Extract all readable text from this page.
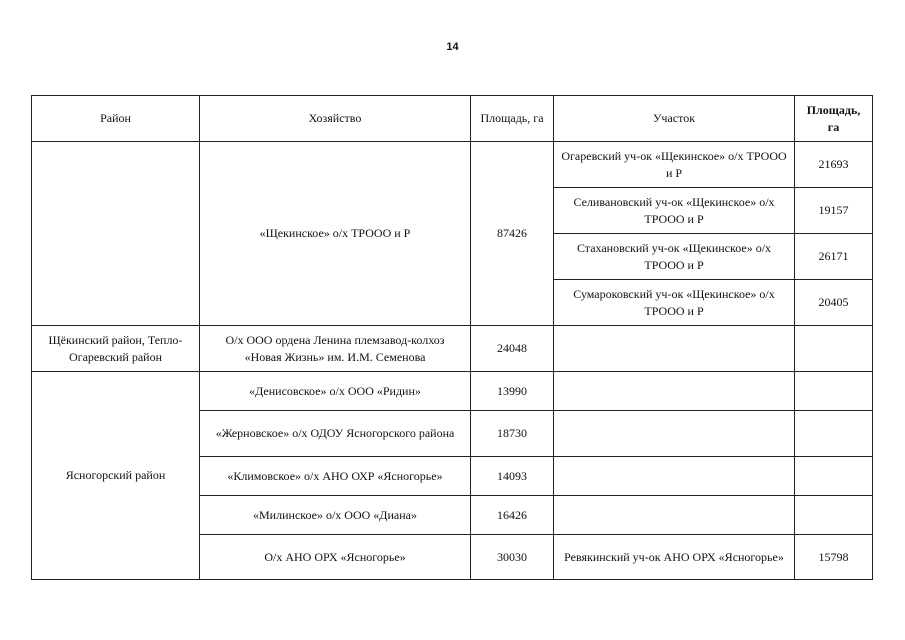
14
Район	Хозяйство	Площадь, га	Участок	Площадь, га
	«Щекинское» о/х ТРООО и Р	87426	Огаревский уч-ок «Щекинское» о/х ТРООО и Р	21693
			Селивановский уч-ок «Щекинское» о/х ТРООО и Р	19157
			Стахановский уч-ок «Щекинское» о/х ТРООО и Р	26171
			Сумароковский уч-ок «Щекинское» о/х ТРООО и Р	20405
Щёкинский район, Тепло-Огаревский район	О/х ООО ордена Ленина племзавод-колхоз «Новая Жизнь» им. И.М. Семенова	24048		
Ясногорский район	«Денисовское» о/х ООО «Ридин»	13990		
	«Жерновское» о/х ОДОУ Ясногорского района	18730		
	«Климовское» о/х АНО ОХР «Ясногорье»	14093		
	«Милинское» о/х ООО «Диана»	16426		
	О/х АНО ОРХ «Ясногорье»	30030	Ревякинский уч-ок АНО ОРХ «Ясногорье»	15798
